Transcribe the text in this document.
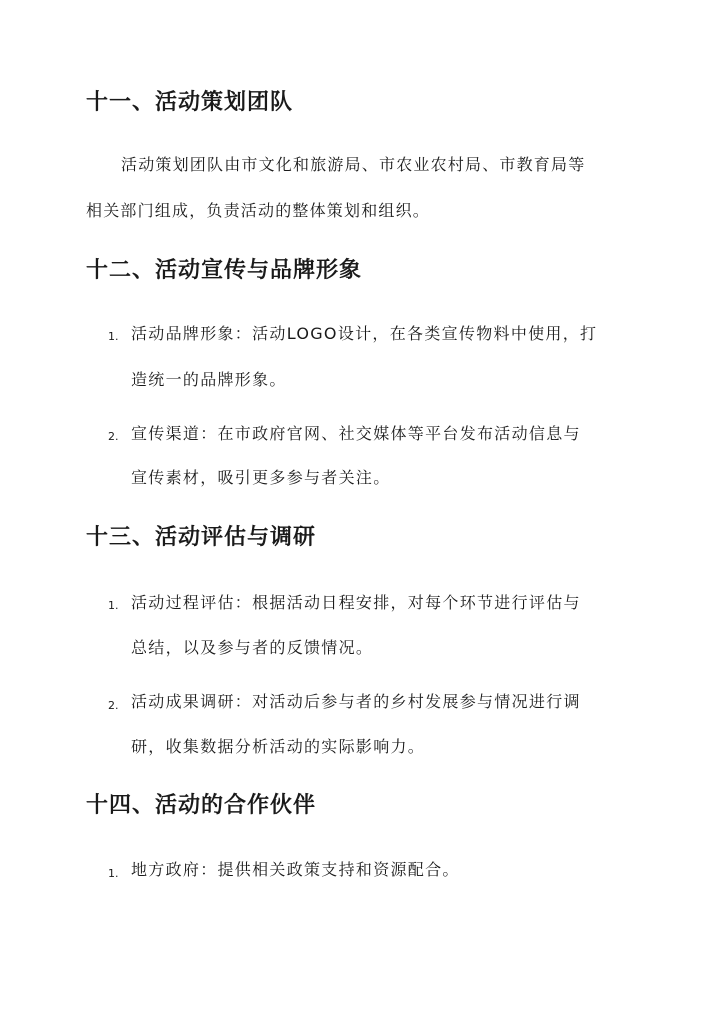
十一、活动策划团队
活动策划团队由市文化和旅游局、市农业农村局、市教育局等
相关部门组成，负责活动的整体策划和组织。
十二、活动宣传与品牌形象
1. 活动品牌形象：活动LOGO设计，在各类宣传物料中使用，打
造统一的品牌形象。
2. 宣传渠道：在市政府官网、社交媒体等平台发布活动信息与
宣传素材，吸引更多参与者关注。
十三、活动评估与调研
1. 活动过程评估：根据活动日程安排，对每个环节进行评估与
总结，以及参与者的反馈情况。
2. 活动成果调研：对活动后参与者的乡村发展参与情况进行调
研，收集数据分析活动的实际影响力。
十四、活动的合作伙伴
1. 地方政府：提供相关政策支持和资源配合。
